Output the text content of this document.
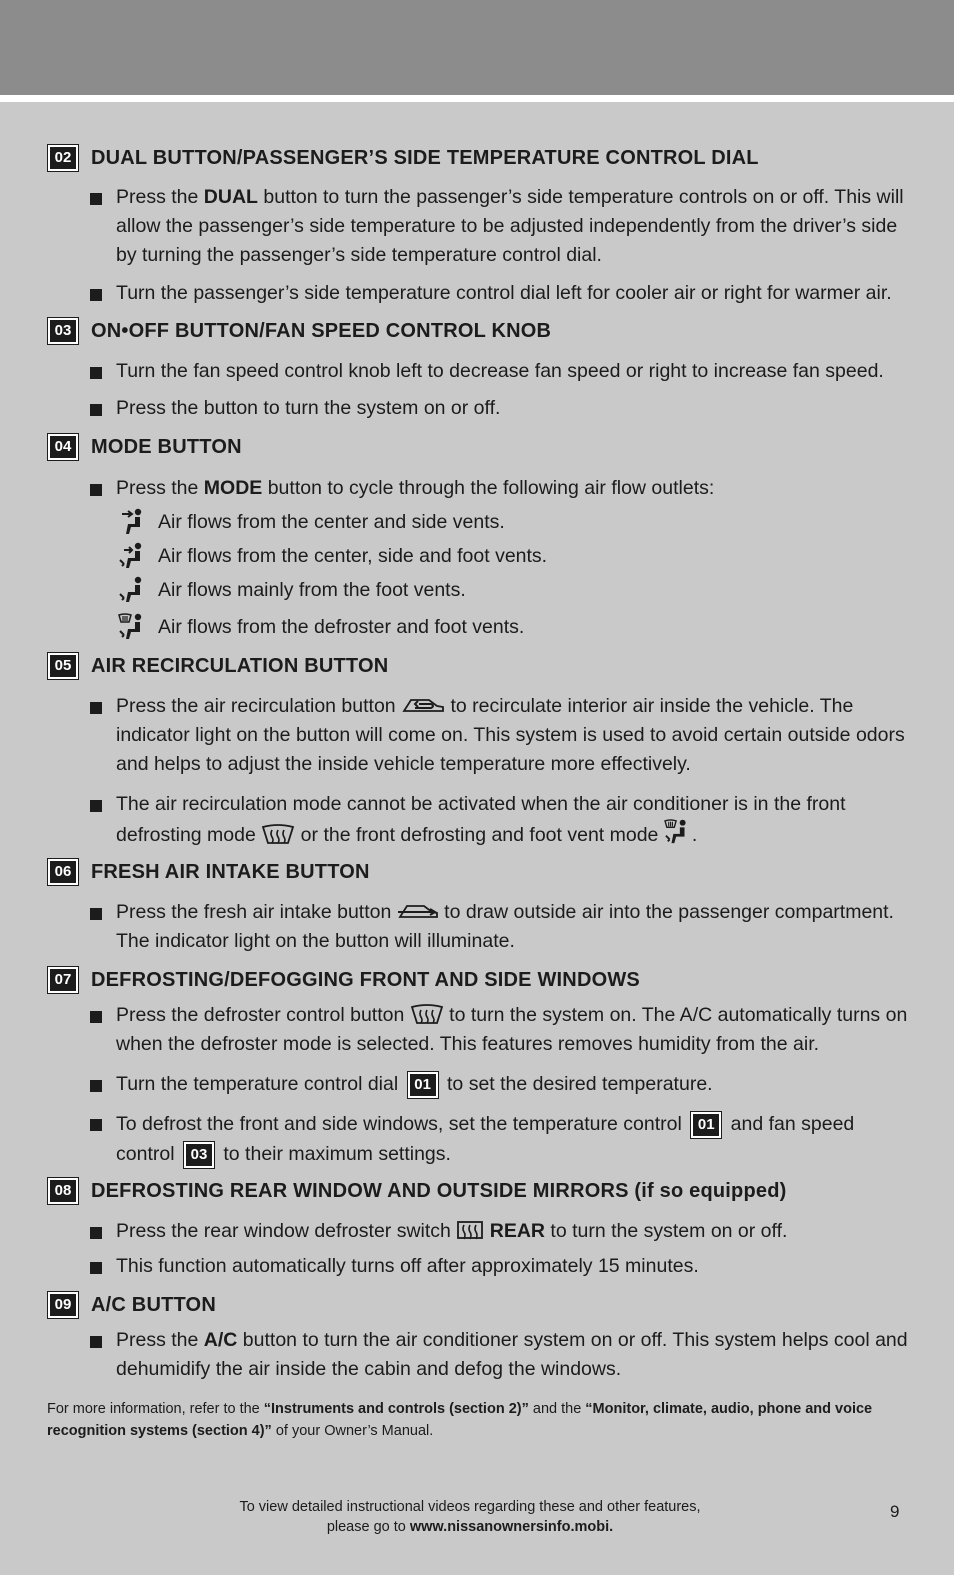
02 DUAL BUTTON/PASSENGER’S SIDE TEMPERATURE CONTROL DIAL
Press the DUAL button to turn the passenger’s side temperature controls on or off. This will allow the passenger’s side temperature to be adjusted independently from the driver’s side by turning the passenger’s side temperature control dial.
Turn the passenger’s side temperature control dial left for cooler air or right for warmer air.
03 ON•OFF BUTTON/FAN SPEED CONTROL KNOB
Turn the fan speed control knob left to decrease fan speed or right to increase fan speed.
Press the button to turn the system on or off.
04 MODE BUTTON
Press the MODE button to cycle through the following air flow outlets:
Air flows from the center and side vents.
Air flows from the center, side and foot vents.
Air flows mainly from the foot vents.
Air flows from the defroster and foot vents.
05 AIR RECIRCULATION BUTTON
Press the air recirculation button  to recirculate interior air inside the vehicle. The indicator light on the button will come on. This system is used to avoid certain outside odors and helps to adjust the inside vehicle temperature more effectively.
The air recirculation mode cannot be activated when the air conditioner is in the front defrosting mode  or the front defrosting and foot vent mode .
06 FRESH AIR INTAKE BUTTON
Press the fresh air intake button  to draw outside air into the passenger compartment. The indicator light on the button will illuminate.
07 DEFROSTING/DEFOGGING FRONT AND SIDE WINDOWS
Press the defroster control button  to turn the system on. The A/C automatically turns on when the defroster mode is selected. This features removes humidity from the air.
Turn the temperature control dial 01 to set the desired temperature.
To defrost the front and side windows, set the temperature control 01 and fan speed control 03 to their maximum settings.
08 DEFROSTING REAR WINDOW AND OUTSIDE MIRRORS (if so equipped)
Press the rear window defroster switch  REAR to turn the system on or off.
This function automatically turns off after approximately 15 minutes.
09 A/C BUTTON
Press the A/C button to turn the air conditioner system on or off. This system helps cool and dehumidify the air inside the cabin and defog the windows.
For more information, refer to the “Instruments and controls (section 2)” and the “Monitor, climate, audio, phone and voice recognition systems (section 4)” of your Owner’s Manual.
To view detailed instructional videos regarding these and other features,
please go to www.nissanownersinfo.mobi.
9
